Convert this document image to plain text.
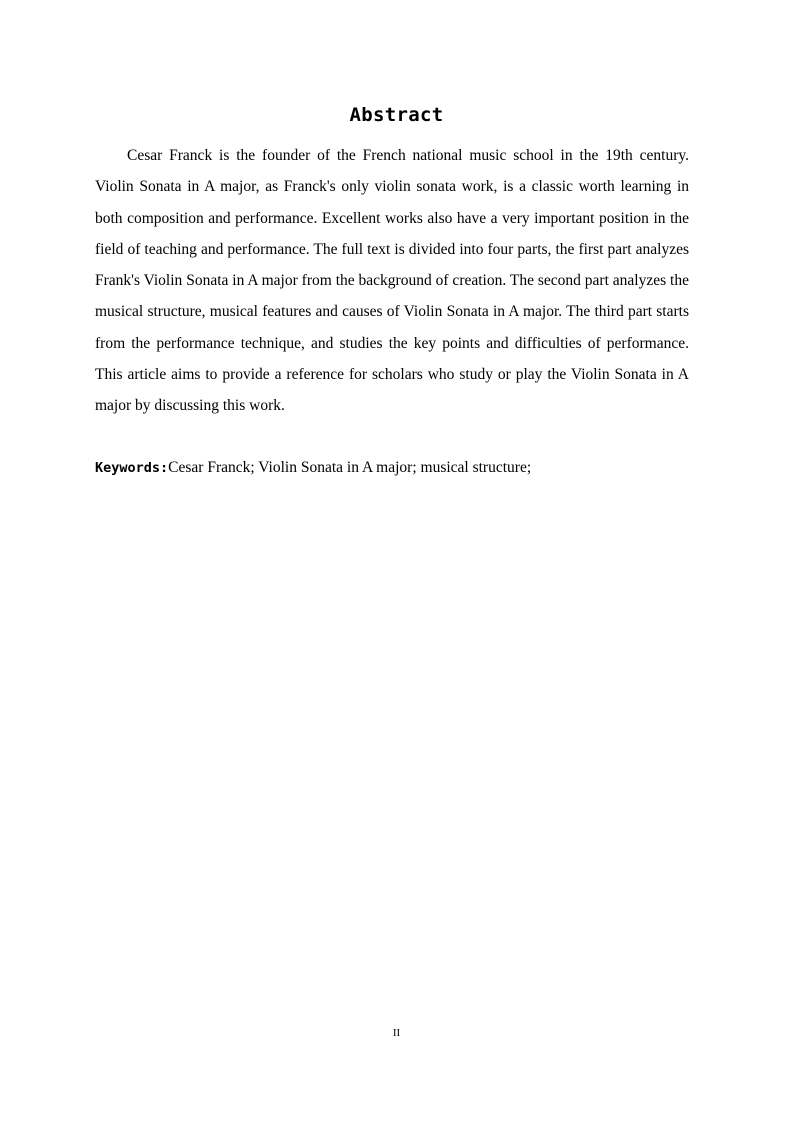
Abstract

Cesar Franck is the founder of the French national music school in the 19th century. Violin Sonata in A major, as Franck's only violin sonata work, is a classic worth learning in both composition and performance. Excellent works also have a very important position in the field of teaching and performance. The full text is divided into four parts, the first part analyzes Frank's Violin Sonata in A major from the background of creation. The second part analyzes the musical structure, musical features and causes of Violin Sonata in A major. The third part starts from the performance technique, and studies the key points and difficulties of performance. This article aims to provide a reference for scholars who study or play the Violin Sonata in A major by discussing this work.

Keywords:Cesar Franck; Violin Sonata in A major; musical structure;
II
